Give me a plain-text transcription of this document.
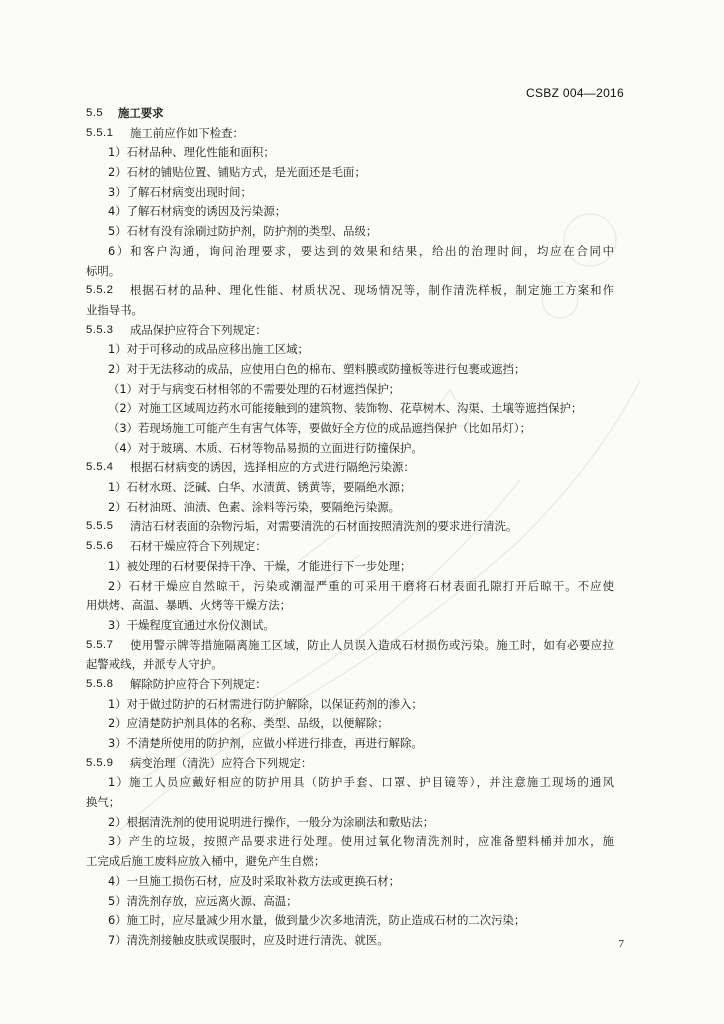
CSBZ 004—2016
5.5 施工要求
5.5.1 施工前应作如下检查：
1）石材品种、理化性能和面积；
2）石材的铺贴位置、铺贴方式，是光面还是毛面；
3）了解石材病变出现时间；
4）了解石材病变的诱因及污染源；
5）石材有没有涂刷过防护剂，防护剂的类型、品级；
6）和客户沟通，询问治理要求，要达到的效果和结果，给出的治理时间，均应在合同中
标明。
5.5.2 根据石材的品种、理化性能、材质状况、现场情况等，制作清洗样板，制定施工方案和作
业指导书。
5.5.3 成品保护应符合下列规定：
1）对于可移动的成品应移出施工区域；
2）对于无法移动的成品，应使用白色的棉布、塑料膜或防撞板等进行包裹或遮挡；
（1）对于与病变石材相邻的不需要处理的石材遮挡保护；
（2）对施工区域周边药水可能接触到的建筑物、装饰物、花草树木、沟渠、土壤等遮挡保护；
（3）若现场施工可能产生有害气体等，要做好全方位的成品遮挡保护（比如吊灯）；
（4）对于玻璃、木质、石材等物品易损的立面进行防撞保护。
5.5.4 根据石材病变的诱因，选择相应的方式进行隔绝污染源：
1）石材水斑、泛碱、白华、水渍黄、锈黄等，要隔绝水源；
2）石材油斑、油渍、色素、涂料等污染，要隔绝污染源。
5.5.5 清洁石材表面的杂物污垢，对需要清洗的石材面按照清洗剂的要求进行清洗。
5.5.6 石材干燥应符合下列规定：
1）被处理的石材要保持干净、干燥，才能进行下一步处理；
2）石材干燥应自然晾干，污染或潮湿严重的可采用干磨将石材表面孔隙打开后晾干。不应使
用烘烤、高温、暴晒、火烤等干燥方法；
3）干燥程度宜通过水份仪测试。
5.5.7 使用警示牌等措施隔离施工区域，防止人员误入造成石材损伤或污染。施工时，如有必要应拉
起警戒线，并派专人守护。
5.5.8 解除防护应符合下列规定：
1）对于做过防护的石材需进行防护解除，以保证药剂的渗入；
2）应清楚防护剂具体的名称、类型、品级，以便解除；
3）不清楚所使用的防护剂，应做小样进行排查，再进行解除。
5.5.9 病变治理（清洗）应符合下列规定：
1）施工人员应戴好相应的防护用具（防护手套、口罩、护目镜等），并注意施工现场的通风
换气；
2）根据清洗剂的使用说明进行操作，一般分为涂刷法和敷贴法；
3）产生的垃圾，按照产品要求进行处理。使用过氧化物清洗剂时，应准备塑料桶并加水，施
工完成后施工废料应放入桶中，避免产生自燃；
4）一旦施工损伤石材，应及时采取补救方法或更换石材；
5）清洗剂存放，应远离火源、高温；
6）施工时，应尽量减少用水量，做到量少次多地清洗，防止造成石材的二次污染；
7）清洗剂接触皮肤或误服时，应及时进行清洗、就医。	7
